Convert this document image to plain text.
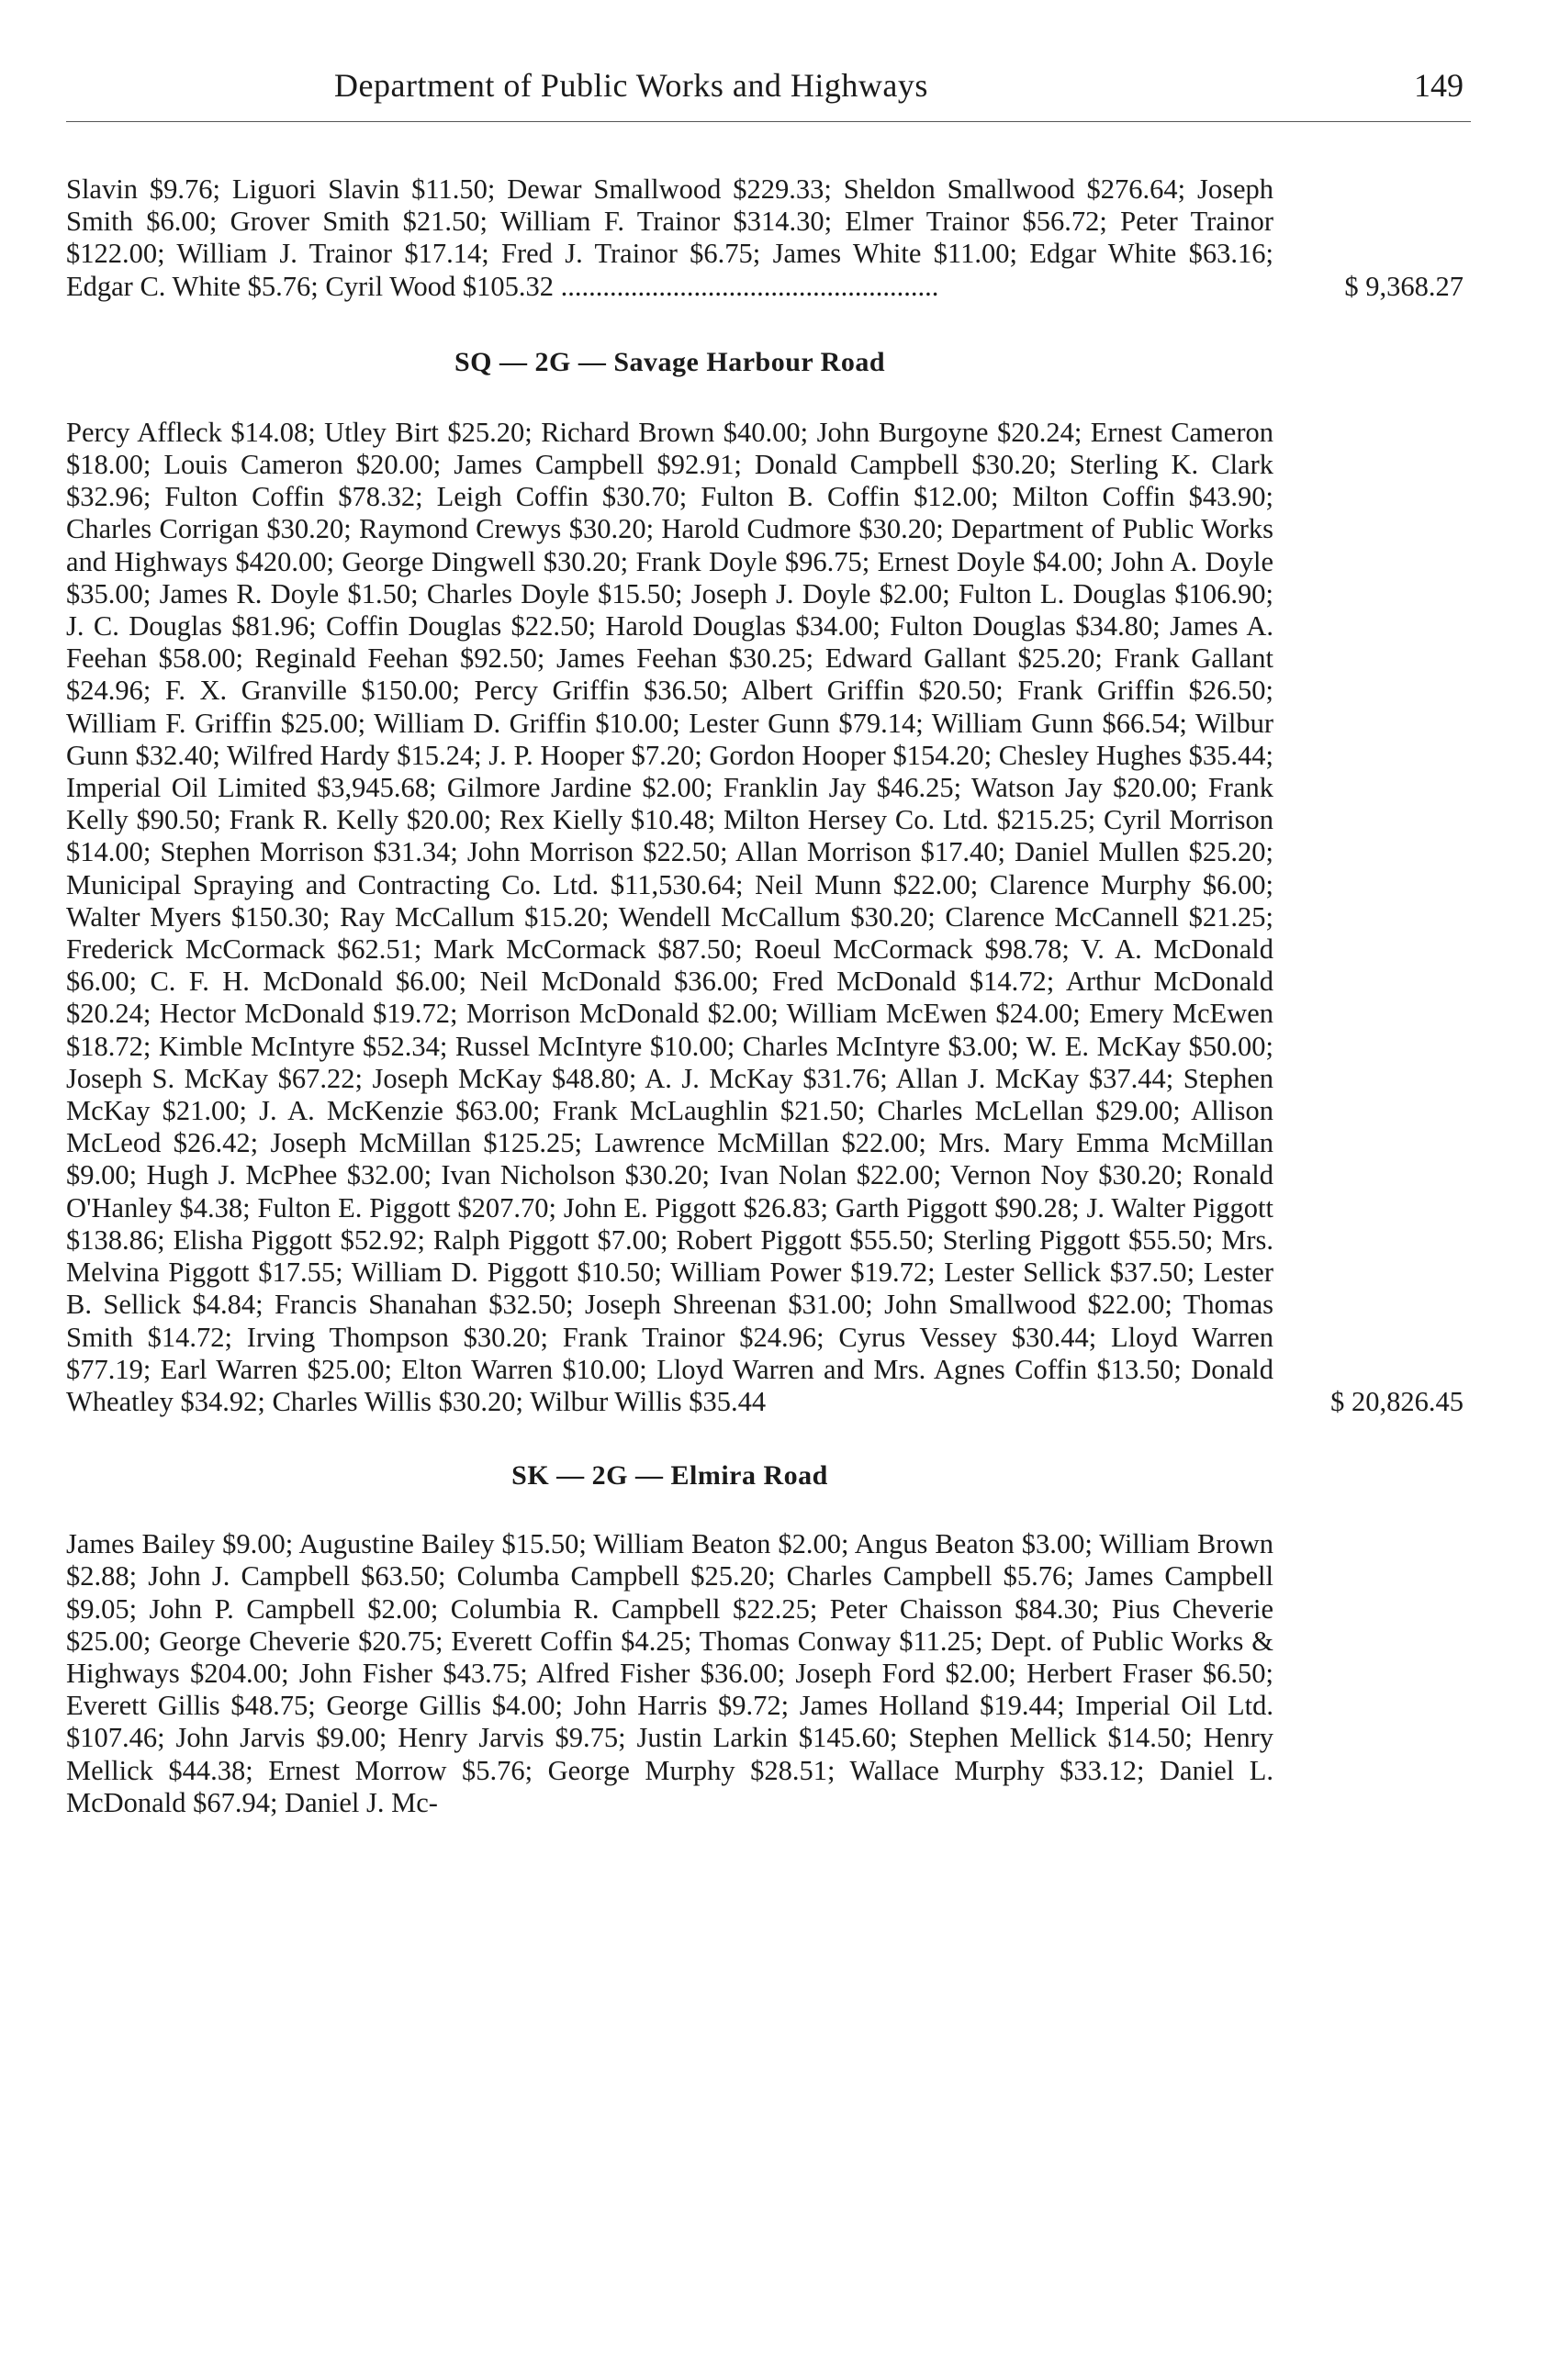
Department of Public Works and Highways	149
Slavin $9.76; Liguori Slavin $11.50; Dewar Smallwood $229.33; Sheldon Smallwood $276.64; Joseph Smith $6.00; Grover Smith $21.50; William F. Trainor $314.30; Elmer Trainor $56.72; Peter Trainor $122.00; William J. Trainor $17.14; Fred J. Trainor $6.75; James White $11.00; Edgar White $63.16; Edgar C. White $5.76; Cyril Wood $105.32 ......................................................	$ 9,368.27
SQ — 2G — Savage Harbour Road
Percy Affleck $14.08; Utley Birt $25.20; Richard Brown $40.00; John Burgoyne $20.24; Ernest Cameron $18.00; Louis Cameron $20.00; James Campbell $92.91; Donald Campbell $30.20; Sterling K. Clark $32.96; Fulton Coffin $78.32; Leigh Coffin $30.70; Fulton B. Coffin $12.00; Milton Coffin $43.90; Charles Corrigan $30.20; Raymond Crewys $30.20; Harold Cudmore $30.20; Department of Public Works and Highways $420.00; George Dingwell $30.20; Frank Doyle $96.75; Ernest Doyle $4.00; John A. Doyle $35.00; James R. Doyle $1.50; Charles Doyle $15.50; Joseph J. Doyle $2.00; Fulton L. Douglas $106.90; J. C. Douglas $81.96; Coffin Douglas $22.50; Harold Douglas $34.00; Fulton Douglas $34.80; James A. Feehan $58.00; Reginald Feehan $92.50; James Feehan $30.25; Edward Gallant $25.20; Frank Gallant $24.96; F. X. Granville $150.00; Percy Griffin $36.50; Albert Griffin $20.50; Frank Griffin $26.50; William F. Griffin $25.00; William D. Griffin $10.00; Lester Gunn $79.14; William Gunn $66.54; Wilbur Gunn $32.40; Wilfred Hardy $15.24; J. P. Hooper $7.20; Gordon Hooper $154.20; Chesley Hughes $35.44; Imperial Oil Limited $3,945.68; Gilmore Jardine $2.00; Franklin Jay $46.25; Watson Jay $20.00; Frank Kelly $90.50; Frank R. Kelly $20.00; Rex Kielly $10.48; Milton Hersey Co. Ltd. $215.25; Cyril Morrison $14.00; Stephen Morrison $31.34; John Morrison $22.50; Allan Morrison $17.40; Daniel Mullen $25.20; Municipal Spraying and Contracting Co. Ltd. $11,530.64; Neil Munn $22.00; Clarence Murphy $6.00; Walter Myers $150.30; Ray McCallum $15.20; Wendell McCallum $30.20; Clarence McCannell $21.25; Frederick McCormack $62.51; Mark McCormack $87.50; Roeul McCormack $98.78; V. A. McDonald $6.00; C. F. H. McDonald $6.00; Neil McDonald $36.00; Fred McDonald $14.72; Arthur McDonald $20.24; Hector McDonald $19.72; Morrison McDonald $2.00; William McEwen $24.00; Emery McEwen $18.72; Kimble McIntyre $52.34; Russel McIntyre $10.00; Charles McIntyre $3.00; W. E. McKay $50.00; Joseph S. McKay $67.22; Joseph McKay $48.80; A. J. McKay $31.76; Allan J. McKay $37.44; Stephen McKay $21.00; J. A. McKenzie $63.00; Frank McLaughlin $21.50; Charles McLellan $29.00; Allison McLeod $26.42; Joseph McMillan $125.25; Lawrence McMillan $22.00; Mrs. Mary Emma McMillan $9.00; Hugh J. McPhee $32.00; Ivan Nicholson $30.20; Ivan Nolan $22.00; Vernon Noy $30.20; Ronald O'Hanley $4.38; Fulton E. Piggott $207.70; John E. Piggott $26.83; Garth Piggott $90.28; J. Walter Piggott $138.86; Elisha Piggott $52.92; Ralph Piggott $7.00; Robert Piggott $55.50; Sterling Piggott $55.50; Mrs. Melvina Piggott $17.55; William D. Piggott $10.50; William Power $19.72; Lester Sellick $37.50; Lester B. Sellick $4.84; Francis Shanahan $32.50; Joseph Shreenan $31.00; John Smallwood $22.00; Thomas Smith $14.72; Irving Thompson $30.20; Frank Trainor $24.96; Cyrus Vessey $30.44; Lloyd Warren $77.19; Earl Warren $25.00; Elton Warren $10.00; Lloyd Warren and Mrs. Agnes Coffin $13.50; Donald Wheatley $34.92; Charles Willis $30.20; Wilbur Willis $35.44	$ 20,826.45
SK — 2G — Elmira Road
James Bailey $9.00; Augustine Bailey $15.50; William Beaton $2.00; Angus Beaton $3.00; William Brown $2.88; John J. Campbell $63.50; Columba Campbell $25.20; Charles Campbell $5.76; James Campbell $9.05; John P. Campbell $2.00; Columbia R. Campbell $22.25; Peter Chaisson $84.30; Pius Cheverie $25.00; George Cheverie $20.75; Everett Coffin $4.25; Thomas Conway $11.25; Dept. of Public Works & Highways $204.00; John Fisher $43.75; Alfred Fisher $36.00; Joseph Ford $2.00; Herbert Fraser $6.50; Everett Gillis $48.75; George Gillis $4.00; John Harris $9.72; James Holland $19.44; Imperial Oil Ltd. $107.46; John Jarvis $9.00; Henry Jarvis $9.75; Justin Larkin $145.60; Stephen Mellick $14.50; Henry Mellick $44.38; Ernest Morrow $5.76; George Murphy $28.51; Wallace Murphy $33.12; Daniel L. McDonald $67.94; Daniel J. Mc-
